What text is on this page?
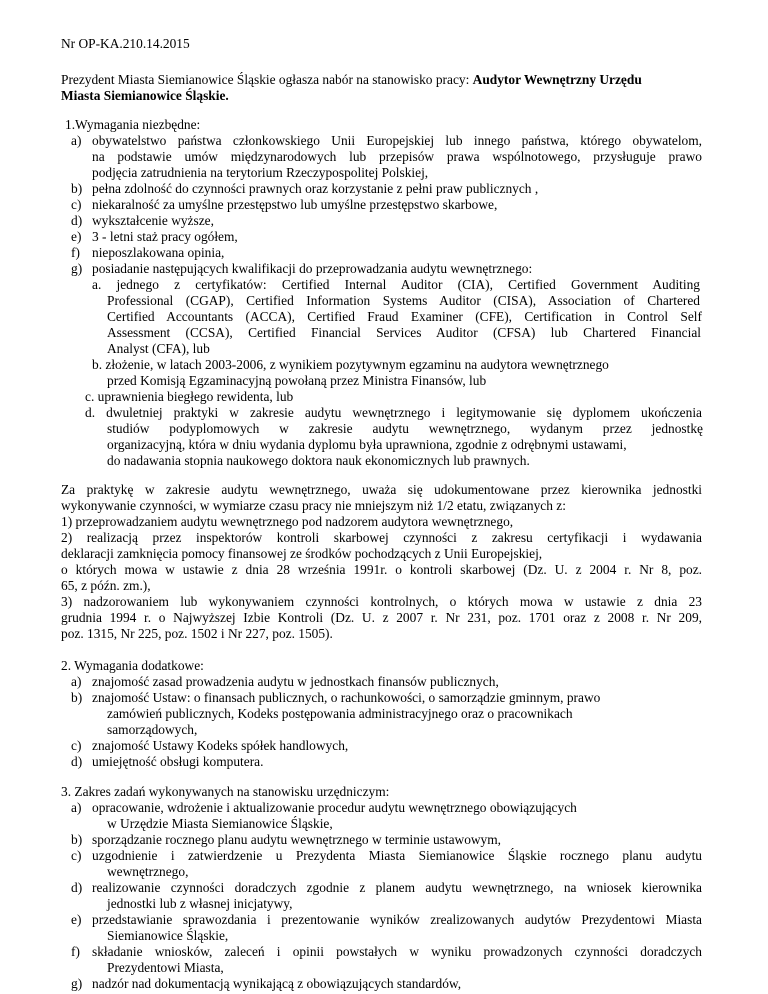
Nr OP-KA.210.14.2015
Prezydent Miasta Siemianowice Śląskie ogłasza nabór na stanowisko pracy: Audytor Wewnętrzny Urzędu
Miasta Siemianowice Śląskie.
1.Wymagania niezbędne:
a) obywatelstwo państwa członkowskiego Unii Europejskiej lub innego państwa, którego obywatelom,
na podstawie umów międzynarodowych lub przepisów prawa wspólnotowego, przysługuje prawo
podjęcia zatrudnienia na terytorium Rzeczypospolitej Polskiej,
b) pełna zdolność do czynności prawnych oraz korzystanie z pełni praw publicznych ,
c) niekaralność za umyślne przestępstwo lub umyślne przestępstwo skarbowe,
d) wykształcenie wyższe,
e) 3 - letni staż pracy ogółem,
f) nieposzlakowana opinia,
g) posiadanie następujących kwalifikacji do przeprowadzania audytu wewnętrznego:
a. jednego z certyfikatów: Certified Internal Auditor (CIA), Certified Government Auditing
Professional (CGAP), Certified Information Systems Auditor (CISA), Association of Chartered
Certified Accountants (ACCA), Certified Fraud Examiner (CFE), Certification in Control Self
Assessment (CCSA), Certified Financial Services Auditor (CFSA) lub Chartered Financial
Analyst (CFA), lub
b. złożenie, w latach 2003-2006, z wynikiem pozytywnym egzaminu na audytora wewnętrznego
przed Komisją Egzaminacyjną powołaną przez Ministra Finansów, lub
c. uprawnienia biegłego rewidenta, lub
d. dwuletniej praktyki w zakresie audytu wewnętrznego i legitymowanie się dyplomem ukończenia
studiów podyplomowych w zakresie audytu wewnętrznego, wydanym przez jednostkę
organizacyjną, która w dniu wydania dyplomu była uprawniona, zgodnie z odrębnymi ustawami,
do nadawania stopnia naukowego doktora nauk ekonomicznych lub prawnych.
Za praktykę w zakresie audytu wewnętrznego, uważa się udokumentowane przez kierownika jednostki
wykonywanie czynności, w wymiarze czasu pracy nie mniejszym niż 1/2 etatu, związanych z:
1) przeprowadzaniem audytu wewnętrznego pod nadzorem audytora wewnętrznego,
2) realizacją przez inspektorów kontroli skarbowej czynności z zakresu certyfikacji i wydawania
deklaracji zamknięcia pomocy finansowej ze środków pochodzących z Unii Europejskiej,
o których mowa w ustawie z dnia 28 września 1991r. o kontroli skarbowej (Dz. U. z 2004 r. Nr 8, poz.
65, z późn. zm.),
3) nadzorowaniem lub wykonywaniem czynności kontrolnych, o których mowa w ustawie z dnia 23
grudnia 1994 r. o Najwyższej Izbie Kontroli (Dz. U. z 2007 r. Nr 231, poz. 1701 oraz z 2008 r. Nr 209,
poz. 1315, Nr 225, poz. 1502 i Nr 227, poz. 1505).
2. Wymagania dodatkowe:
a) znajomość zasad prowadzenia audytu w jednostkach finansów publicznych,
b) znajomość Ustaw: o finansach publicznych, o rachunkowości, o samorządzie gminnym, prawo
zamówień publicznych, Kodeks postępowania administracyjnego oraz o pracownikach
samorządowych,
c) znajomość Ustawy Kodeks spółek handlowych,
d) umiejętność obsługi komputera.
3. Zakres zadań wykonywanych na stanowisku urzędniczym:
a) opracowanie, wdrożenie i aktualizowanie procedur audytu wewnętrznego obowiązujących
w Urzędzie Miasta Siemianowice Śląskie,
b) sporządzanie rocznego planu audytu wewnętrznego w terminie ustawowym,
c) uzgodnienie i zatwierdzenie u Prezydenta Miasta Siemianowice Śląskie rocznego planu audytu
wewnętrznego,
d) realizowanie czynności doradczych zgodnie z planem audytu wewnętrznego, na wniosek kierownika
jednostki lub z własnej inicjatywy,
e) przedstawianie sprawozdania i prezentowanie wyników zrealizowanych audytów Prezydentowi Miasta
Siemianowice Śląskie,
f) składanie wniosków, zaleceń i opinii powstałych w wyniku prowadzonych czynności doradczych
Prezydentowi Miasta,
g) nadzór nad dokumentacją wynikającą z obowiązujących standardów,
